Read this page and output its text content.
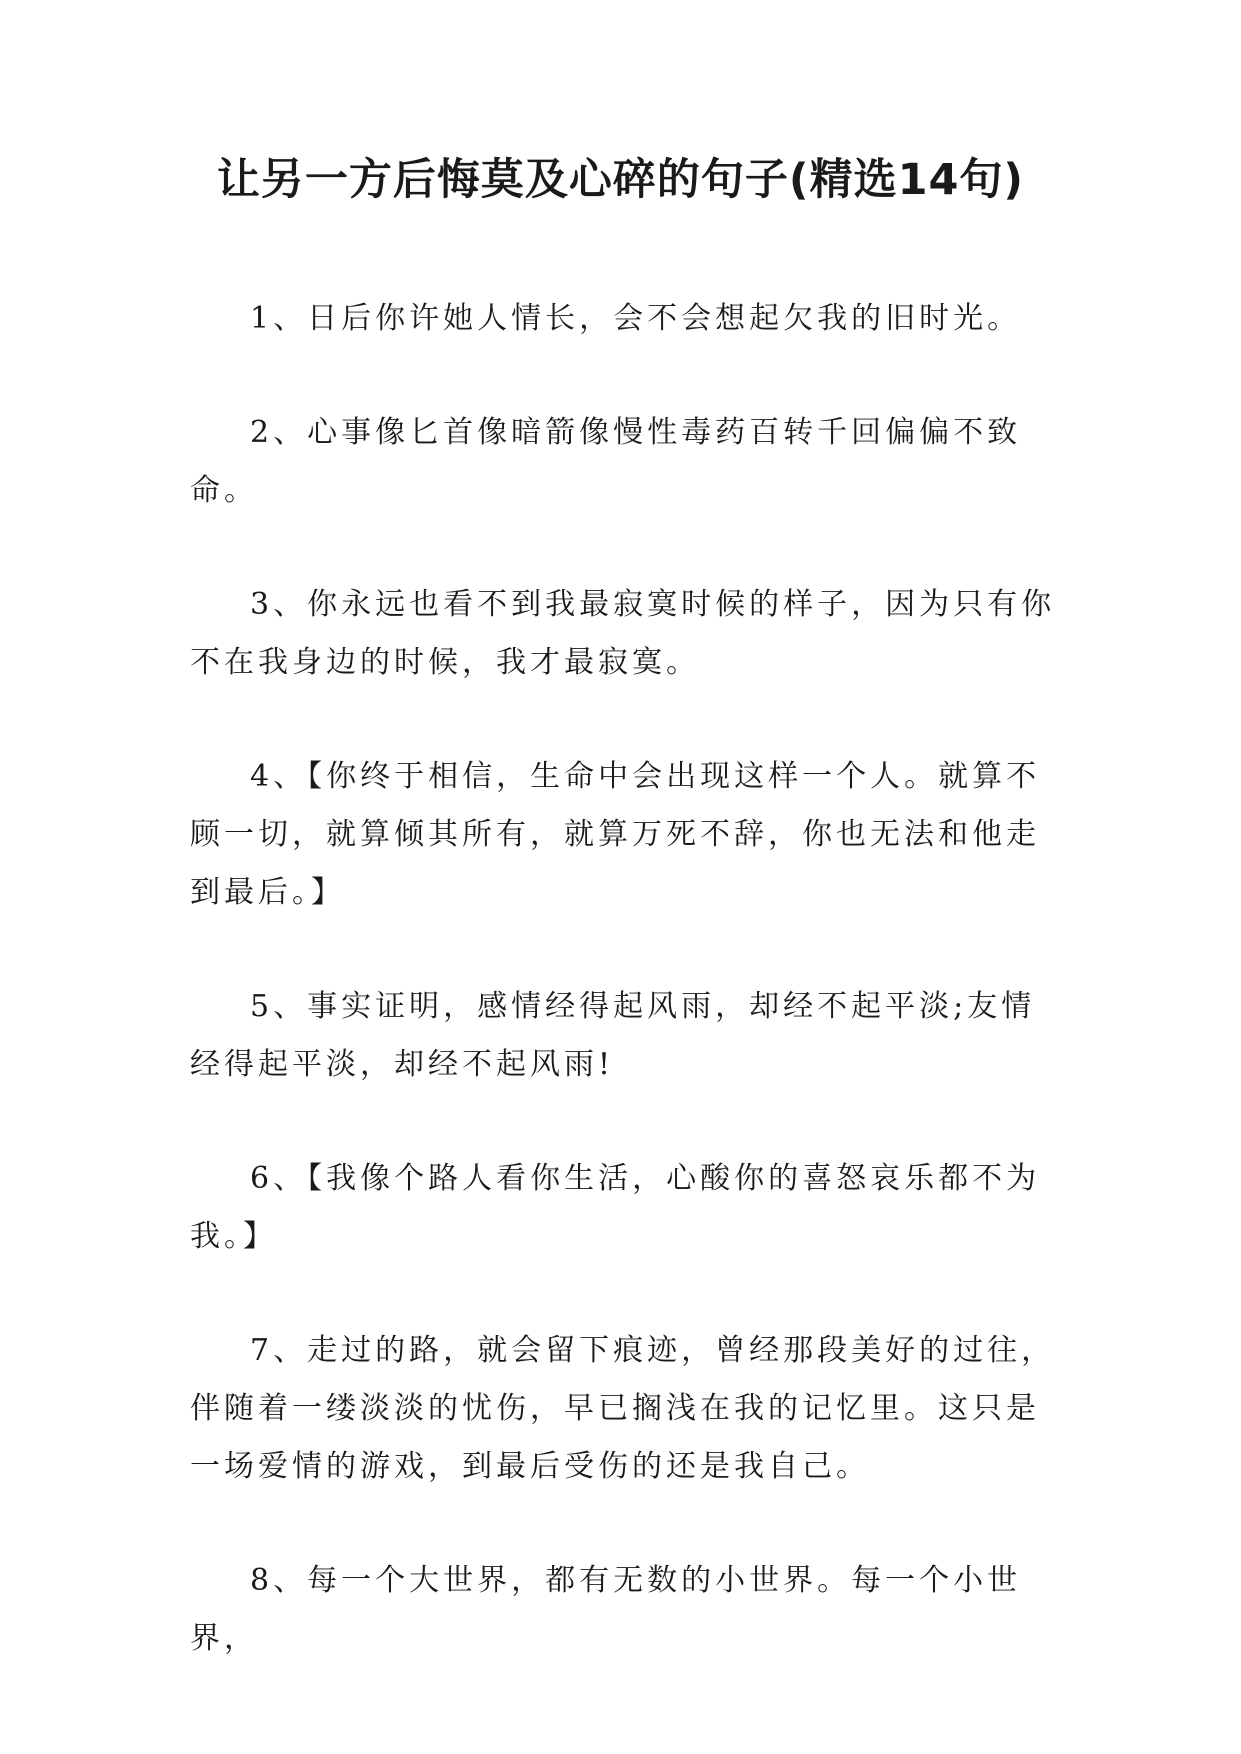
让另一方后悔莫及心碎的句子(精选14句)

1、日后你许她人情长，会不会想起欠我的旧时光。

2、心事像匕首像暗箭像慢性毒药百转千回偏偏不致命。

3、你永远也看不到我最寂寞时候的样子，因为只有你不在我身边的时候，我才最寂寞。

4、【你终于相信，生命中会出现这样一个人。就算不顾一切，就算倾其所有，就算万死不辞，你也无法和他走到最后。】

5、事实证明，感情经得起风雨，却经不起平淡;友情经得起平淡，却经不起风雨!

6、【我像个路人看你生活，心酸你的喜怒哀乐都不为我。】

7、走过的路，就会留下痕迹，曾经那段美好的过往，伴随着一缕淡淡的忧伤，早已搁浅在我的记忆里。这只是一场爱情的游戏，到最后受伤的还是我自己。

8、每一个大世界，都有无数的小世界。每一个小世界，
